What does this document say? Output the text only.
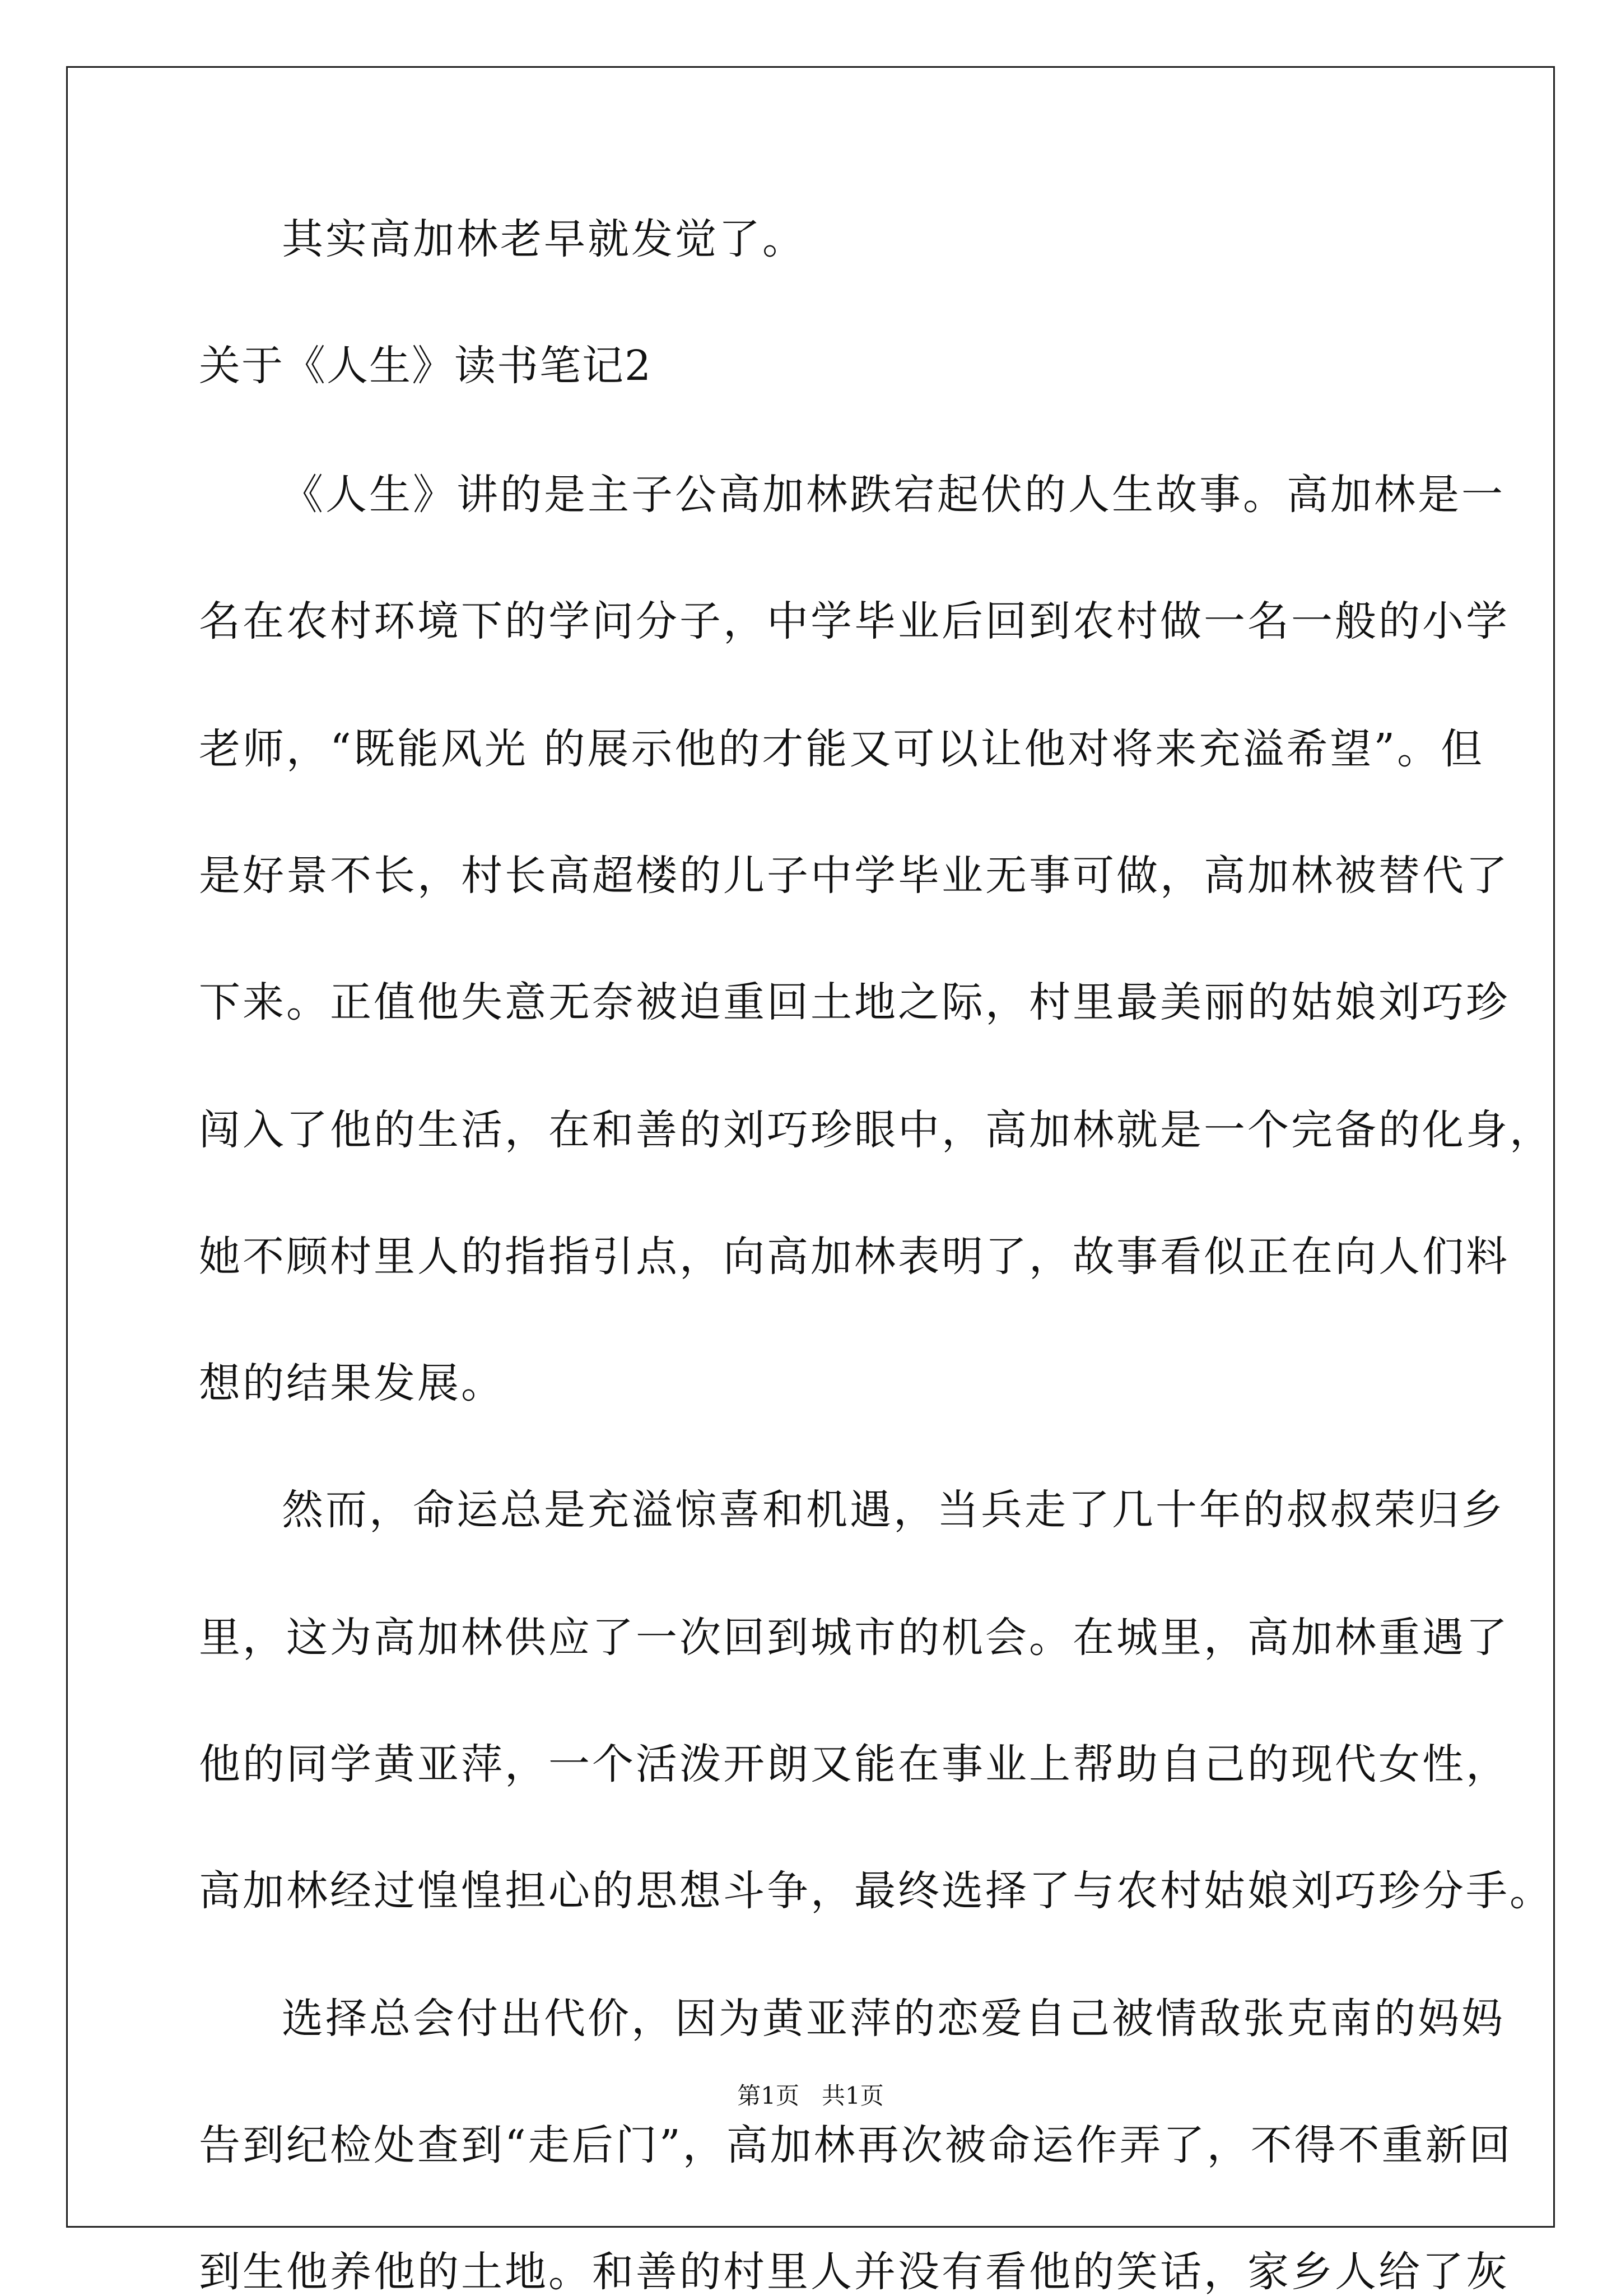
其实高加林老早就发觉了。
关于《人生》读书笔记2
《人生》讲的是主子公高加林跌宕起伏的人生故事。高加林是一
名在农村环境下的学问分子，中学毕业后回到农村做一名一般的小学
老师，“既能风光 的展示他的才能又可以让他对将来充溢希望”。但
是好景不长，村长高超楼的儿子中学毕业无事可做，高加林被替代了
下来。正值他失意无奈被迫重回土地之际，村里最美丽的姑娘刘巧珍
闯入了他的生活，在和善的刘巧珍眼中，高加林就是一个完备的化身，
她不顾村里人的指指引点，向高加林表明了，故事看似正在向人们料
想的结果发展。
然而，命运总是充溢惊喜和机遇，当兵走了几十年的叔叔荣归乡
里，这为高加林供应了一次回到城市的机会。在城里，高加林重遇了
他的同学黄亚萍，一个活泼开朗又能在事业上帮助自己的现代女性，
高加林经过惶惶担心的思想斗争，最终选择了与农村姑娘刘巧珍分手。
选择总会付出代价，因为黄亚萍的恋爱自己被情敌张克南的妈妈
告到纪检处查到“走后门”，高加林再次被命运作弄了，不得不重新回
到生他养他的土地。和善的村里人并没有看他的笑话，家乡人给了灰
第1页   共1页
